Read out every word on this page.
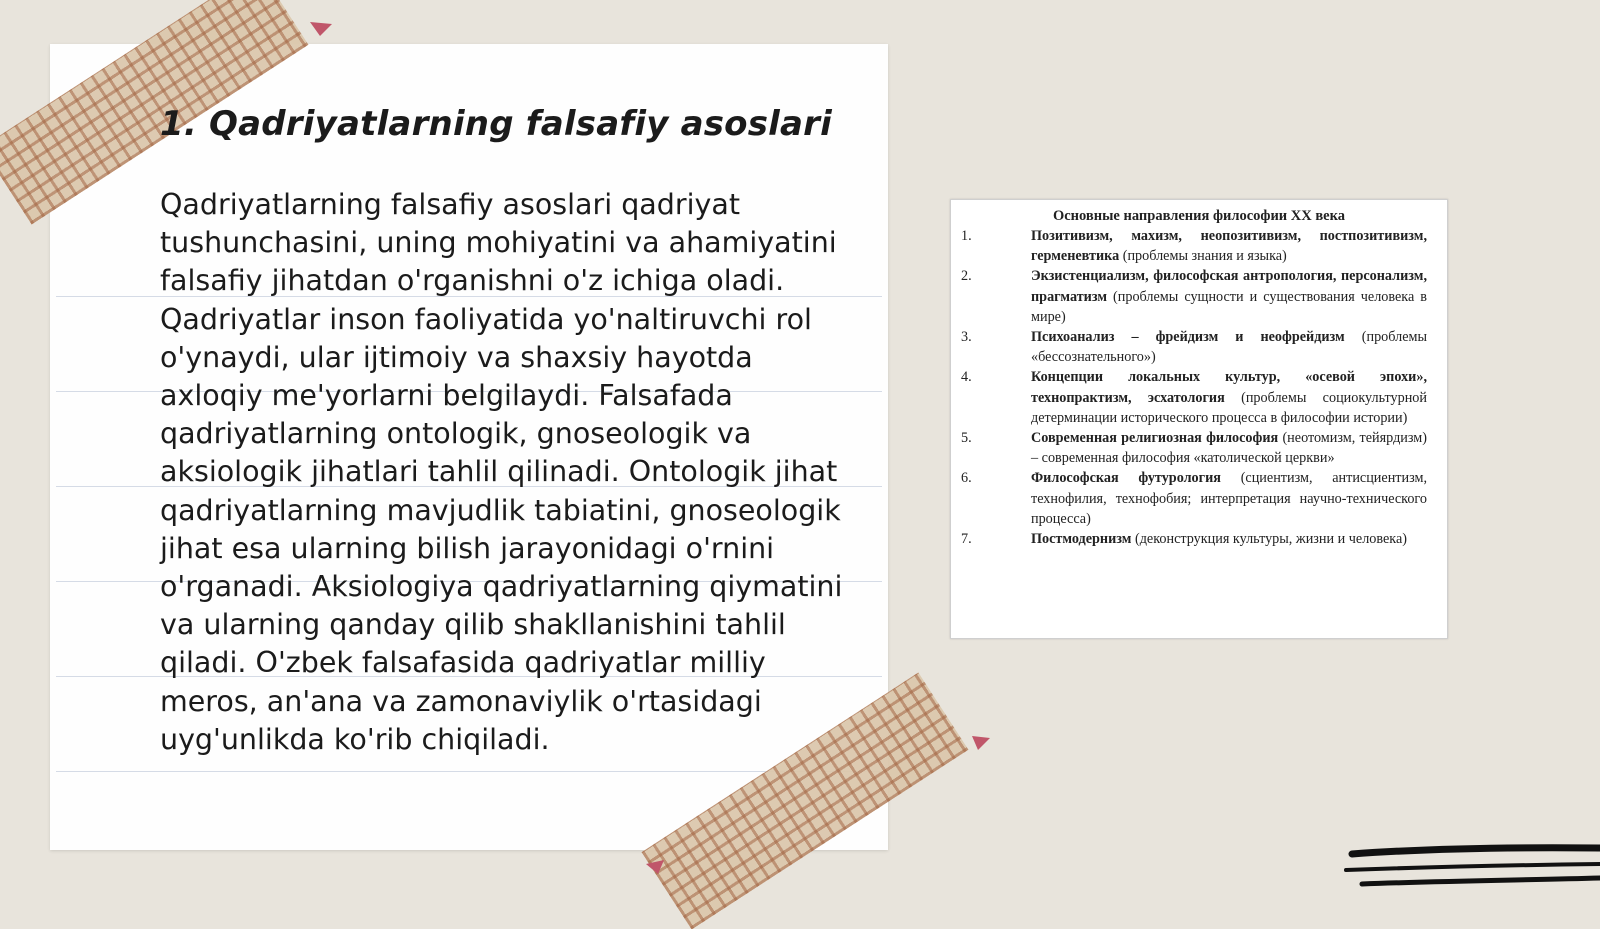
1. Qadriyatlarning falsafiy asoslari

Qadriyatlarning falsafiy asoslari qadriyat tushunchasini, uning mohiyatini va ahamiyatini falsafiy jihatdan o'rganishni o'z ichiga oladi. Qadriyatlar inson faoliyatida yo'naltiruvchi rol o'ynaydi, ular ijtimoiy va shaxsiy hayotda axloqiy me'yorlarni belgilaydi. Falsafada qadriyatlarning ontologik, gnoseologik va aksiologik jihatlari tahlil qilinadi. Ontologik jihat qadriyatlarning mavjudlik tabiatini, gnoseologik jihat esa ularning bilish jarayonidagi o'rnini o'rganadi. Aksiologiya qadriyatlarning qiymatini va ularning qanday qilib shakllanishini tahlil qiladi. O'zbek falsafasida qadriyatlar milliy meros, an'ana va zamonaviylik o'rtasidagi uyg'unlikda ko'rib chiqiladi.

Основные направления философии XX века
1.	Позитивизм, махизм, неопозитивизм, постпозитивизм, герменевтика (проблемы знания и языка)
2.	Экзистенциализм, философская антропология, персонализм, прагматизм (проблемы сущности и существования человека в мире)
3.	Психоанализ – фрейдизм и неофрейдизм (проблемы «бессознательного»)
4.	Концепции локальных культур, «осевой эпохи», технопрактизм, эсхатология (проблемы социокультурной детерминации исторического процесса в философии истории)
5.	Современная религиозная философия (неотомизм, тейярдизм) – современная философия «католической церкви»
6.	Философская футурология (сциентизм, антисциентизм, технофилия, технофобия; интерпретация научно-технического процесса)
7.	Постмодернизм (деконструкция культуры, жизни и человека)
